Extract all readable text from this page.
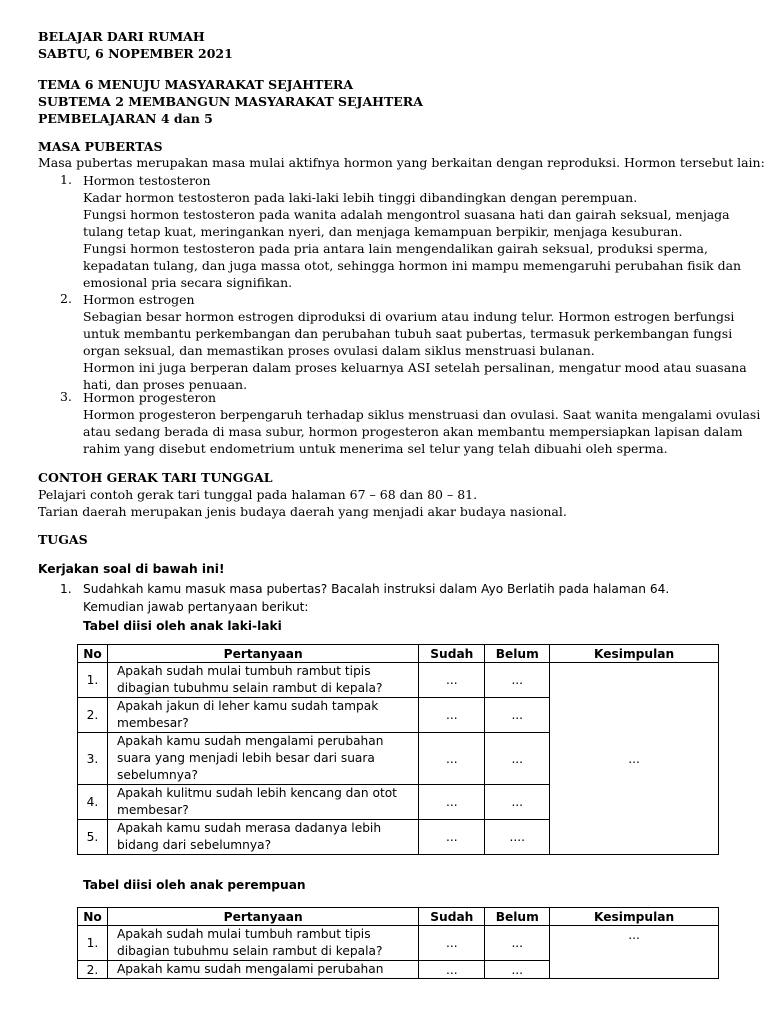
BELAJAR DARI RUMAH
SABTU, 6 NOPEMBER 2021
TEMA 6 MENUJU MASYARAKAT SEJAHTERA
SUBTEMA 2 MEMBANGUN MASYARAKAT SEJAHTERA
PEMBELAJARAN 4 dan 5
MASA PUBERTAS
Masa pubertas merupakan masa mulai aktifnya hormon yang berkaitan dengan reproduksi. Hormon tersebut lain:
1. Hormon testosteron
Kadar hormon testosteron pada laki-laki lebih tinggi dibandingkan dengan perempuan.
Fungsi hormon testosteron pada wanita adalah mengontrol suasana hati dan gairah seksual, menjaga
tulang tetap kuat, meringankan nyeri, dan menjaga kemampuan berpikir, menjaga kesuburan.
Fungsi hormon testosteron pada pria antara lain mengendalikan gairah seksual, produksi sperma,
kepadatan tulang, dan juga massa otot, sehingga hormon ini mampu memengaruhi perubahan fisik dan
emosional pria secara signifikan.
2. Hormon estrogen
Sebagian besar hormon estrogen diproduksi di ovarium atau indung telur. Hormon estrogen berfungsi
untuk membantu perkembangan dan perubahan tubuh saat pubertas, termasuk perkembangan fungsi
organ seksual, dan memastikan proses ovulasi dalam siklus menstruasi bulanan.
Hormon ini juga berperan dalam proses keluarnya ASI setelah persalinan, mengatur mood atau suasana
hati, dan proses penuaan.
3. Hormon progesteron
Hormon progesteron berpengaruh terhadap siklus menstruasi dan ovulasi. Saat wanita mengalami ovulasi
atau sedang berada di masa subur, hormon progesteron akan membantu mempersiapkan lapisan dalam
rahim yang disebut endometrium untuk menerima sel telur yang telah dibuahi oleh sperma.
CONTOH GERAK TARI TUNGGAL
Pelajari contoh gerak tari tunggal pada halaman 67 – 68 dan 80 – 81.
Tarian daerah merupakan jenis budaya daerah yang menjadi akar budaya nasional.
TUGAS
Kerjakan soal di bawah ini!
1. Sudahkah kamu masuk masa pubertas? Bacalah instruksi dalam Ayo Berlatih pada halaman 64.
Kemudian jawab pertanyaan berikut:
Tabel diisi oleh anak laki-laki
No	Pertanyaan	Sudah	Belum	Kesimpulan
1.	Apakah sudah mulai tumbuh rambut tipis
dibagian tubuhmu selain rambut di kepala?	...	...	...
2.	Apakah jakun di leher kamu sudah tampak
membesar?	...	...	
3.	Apakah kamu sudah mengalami perubahan
suara yang menjadi lebih besar dari suara
sebelumnya?	...	...	
4.	Apakah kulitmu sudah lebih kencang dan otot
membesar?	...	...	
5.	Apakah kamu sudah merasa dadanya lebih
bidang dari sebelumnya?	...	....	
Tabel diisi oleh anak perempuan
No	Pertanyaan	Sudah	Belum	Kesimpulan
1.	Apakah sudah mulai tumbuh rambut tipis
dibagian tubuhmu selain rambut di kepala?	...	...	...
2.	Apakah kamu sudah mengalami perubahan	...	...	
